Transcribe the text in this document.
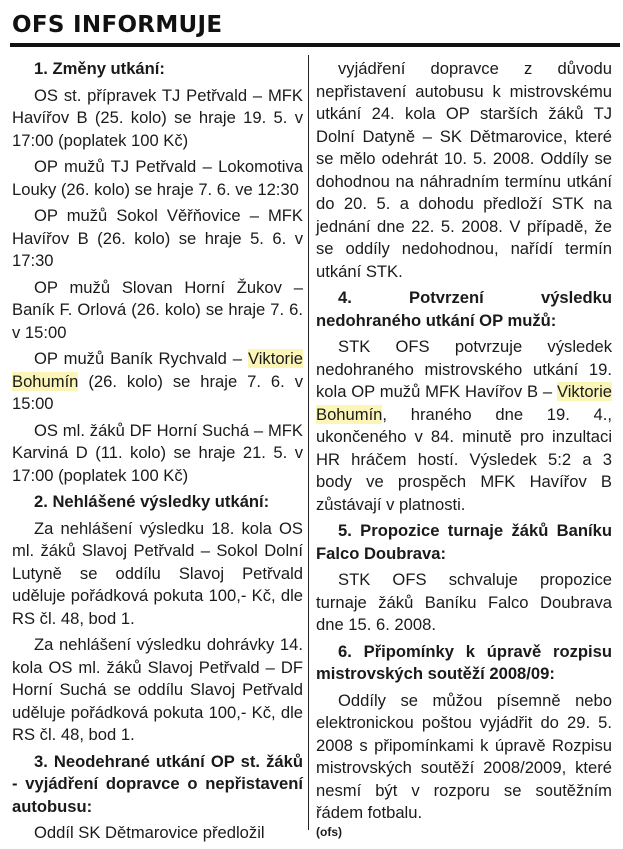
OFS INFORMUJE

1. Změny utkání:

OS st. přípravek TJ Petřvald – MFK Havířov B (25. kolo) se hraje 19. 5. v 17:00 (poplatek 100 Kč)

OP mužů TJ Petřvald – Lokomotiva Louky (26. kolo) se hraje 7. 6. ve 12:30

OP mužů Sokol Věřňovice – MFK Havířov B (26. kolo) se hraje 5. 6. v 17:30

OP mužů Slovan Horní Žukov – Baník F. Orlová (26. kolo) se hraje 7. 6. v 15:00

OP mužů Baník Rychvald – Viktorie Bohumín (26. kolo) se hraje 7. 6. v 15:00

OS ml. žáků DF Horní Suchá – MFK Karviná D (11. kolo) se hraje 21. 5. v 17:00 (poplatek 100 Kč)

2. Nehlášené výsledky utkání:

Za nehlášení výsledku 18. kola OS ml. žáků Slavoj Petřvald – Sokol Dolní Lutyně se oddílu Slavoj Petřvald uděluje pořádková pokuta 100,- Kč, dle RS čl. 48, bod 1.

Za nehlášení výsledku dohrávky 14. kola OS ml. žáků Slavoj Petřvald – DF Horní Suchá se oddílu Slavoj Petřvald uděluje pořádková pokuta 100,- Kč, dle RS čl. 48, bod 1.

3. Neodehrané utkání OP st. žáků - vyjádření dopravce o nepřistavení autobusu:

Oddíl SK Dětmarovice předložil

vyjádření dopravce z důvodu nepřistavení autobusu k mistrovskému utkání 24. kola OP starších žáků TJ Dolní Datyně – SK Dětmarovice, které se mělo odehrát 10. 5. 2008. Oddíly se dohodnou na náhradním termínu utkání do 20. 5. a dohodu předloží STK na jednání dne 22. 5. 2008. V případě, že se oddíly nedohodnou, nařídí termín utkání STK.

4. Potvrzení výsledku nedohraného utkání OP mužů:

STK OFS potvrzuje výsledek nedohraného mistrovského utkání 19. kola OP mužů MFK Havířov B – Viktorie Bohumín, hraného dne 19. 4., ukončeného v 84. minutě pro inzultaci HR hráčem hostí. Výsledek 5:2 a 3 body ve prospěch MFK Havířov B zůstávají v platnosti.

5. Propozice turnaje žáků Baníku Falco Doubrava:

STK OFS schvaluje propozice turnaje žáků Baníku Falco Doubrava dne 15. 6. 2008.

6. Připomínky k úpravě rozpisu mistrovských soutěží 2008/09:

Oddíly se můžou písemně nebo elektronickou poštou vyjádřit do 29. 5. 2008 s připomínkami k úpravě Rozpisu mistrovských soutěží 2008/2009, které nesmí být v rozporu se soutěžním řádem fotbalu.

(ofs)
